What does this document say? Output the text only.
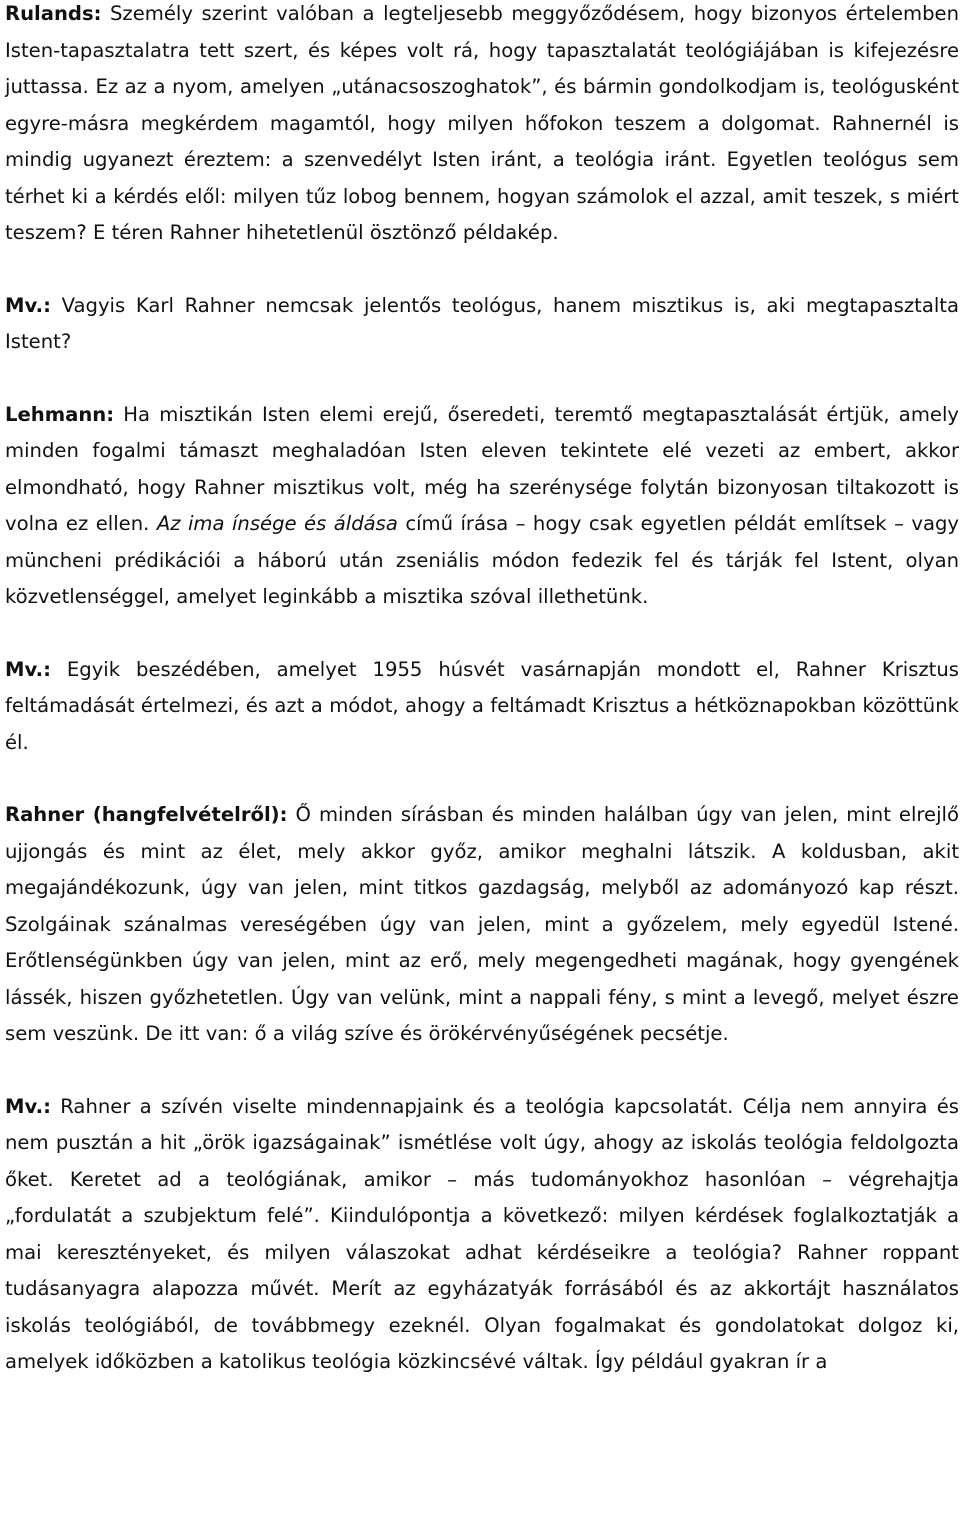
Rulands: Személy szerint valóban a legteljesebb meggyőződésem, hogy bizonyos értelemben Isten-tapasztalatra tett szert, és képes volt rá, hogy tapasztalatát teológiájában is kifejezésre juttassa. Ez az a nyom, amelyen „utánacsoszoghatok”, és bármin gondolkodjam is, teológusként egyre-másra megkérdem magamtól, hogy milyen hőfokon teszem a dolgomat. Rahnernél is mindig ugyanezt éreztem: a szenvedélyt Isten iránt, a teológia iránt. Egyetlen teológus sem térhet ki a kérdés elől: milyen tűz lobog bennem, hogyan számolok el azzal, amit teszek, s miért teszem? E téren Rahner hihetetlenül ösztönző példakép.

Mv.: Vagyis Karl Rahner nemcsak jelentős teológus, hanem misztikus is, aki megtapasztalta Istent?

Lehmann: Ha misztikán Isten elemi erejű, őseredeti, teremtő megtapasztalását értjük, amely minden fogalmi támaszt meghaladóan Isten eleven tekintete elé vezeti az embert, akkor elmondható, hogy Rahner misztikus volt, még ha szerénysége folytán bizonyosan tiltakozott is volna ez ellen. Az ima ínsége és áldása című írása – hogy csak egyetlen példát említsek – vagy müncheni prédikációi a háború után zseniális módon fedezik fel és tárják fel Istent, olyan közvetlenséggel, amelyet leginkább a misztika szóval illethetünk.

Mv.: Egyik beszédében, amelyet 1955 húsvét vasárnapján mondott el, Rahner Krisztus feltámadását értelmezi, és azt a módot, ahogy a feltámadt Krisztus a hétköznapokban közöttünk él.

Rahner (hangfelvételről): Ő minden sírásban és minden halálban úgy van jelen, mint elrejlő ujjongás és mint az élet, mely akkor győz, amikor meghalni látszik. A koldusban, akit megajándékozunk, úgy van jelen, mint titkos gazdagság, melyből az adományozó kap részt. Szolgáinak szánalmas vereségében úgy van jelen, mint a győzelem, mely egyedül Istené. Erőtlenségünkben úgy van jelen, mint az erő, mely megengedheti magának, hogy gyengének lássék, hiszen győzhetetlen. Úgy van velünk, mint a nappali fény, s mint a levegő, melyet észre sem veszünk. De itt van: ő a világ szíve és örökérvényűségének pecsétje.

Mv.: Rahner a szívén viselte mindennapjaink és a teológia kapcsolatát. Célja nem annyira és nem pusztán a hit „örök igazságainak” ismétlése volt úgy, ahogy az iskolás teológia feldolgozta őket. Keretet ad a teológiának, amikor – más tudományokhoz hasonlóan – végrehajtja „fordulatát a szubjektum felé”. Kiindulópontja a következő: milyen kérdések foglalkoztatják a mai keresztényeket, és milyen válaszokat adhat kérdéseikre a teológia? Rahner roppant tudásanyagra alapozza művét. Merít az egyházatyák forrásából és az akkortájt használatos iskolás teológiából, de továbbmegy ezeknél. Olyan fogalmakat és gondolatokat dolgoz ki, amelyek időközben a katolikus teológia közkincsévé váltak. Így például gyakran ír a
